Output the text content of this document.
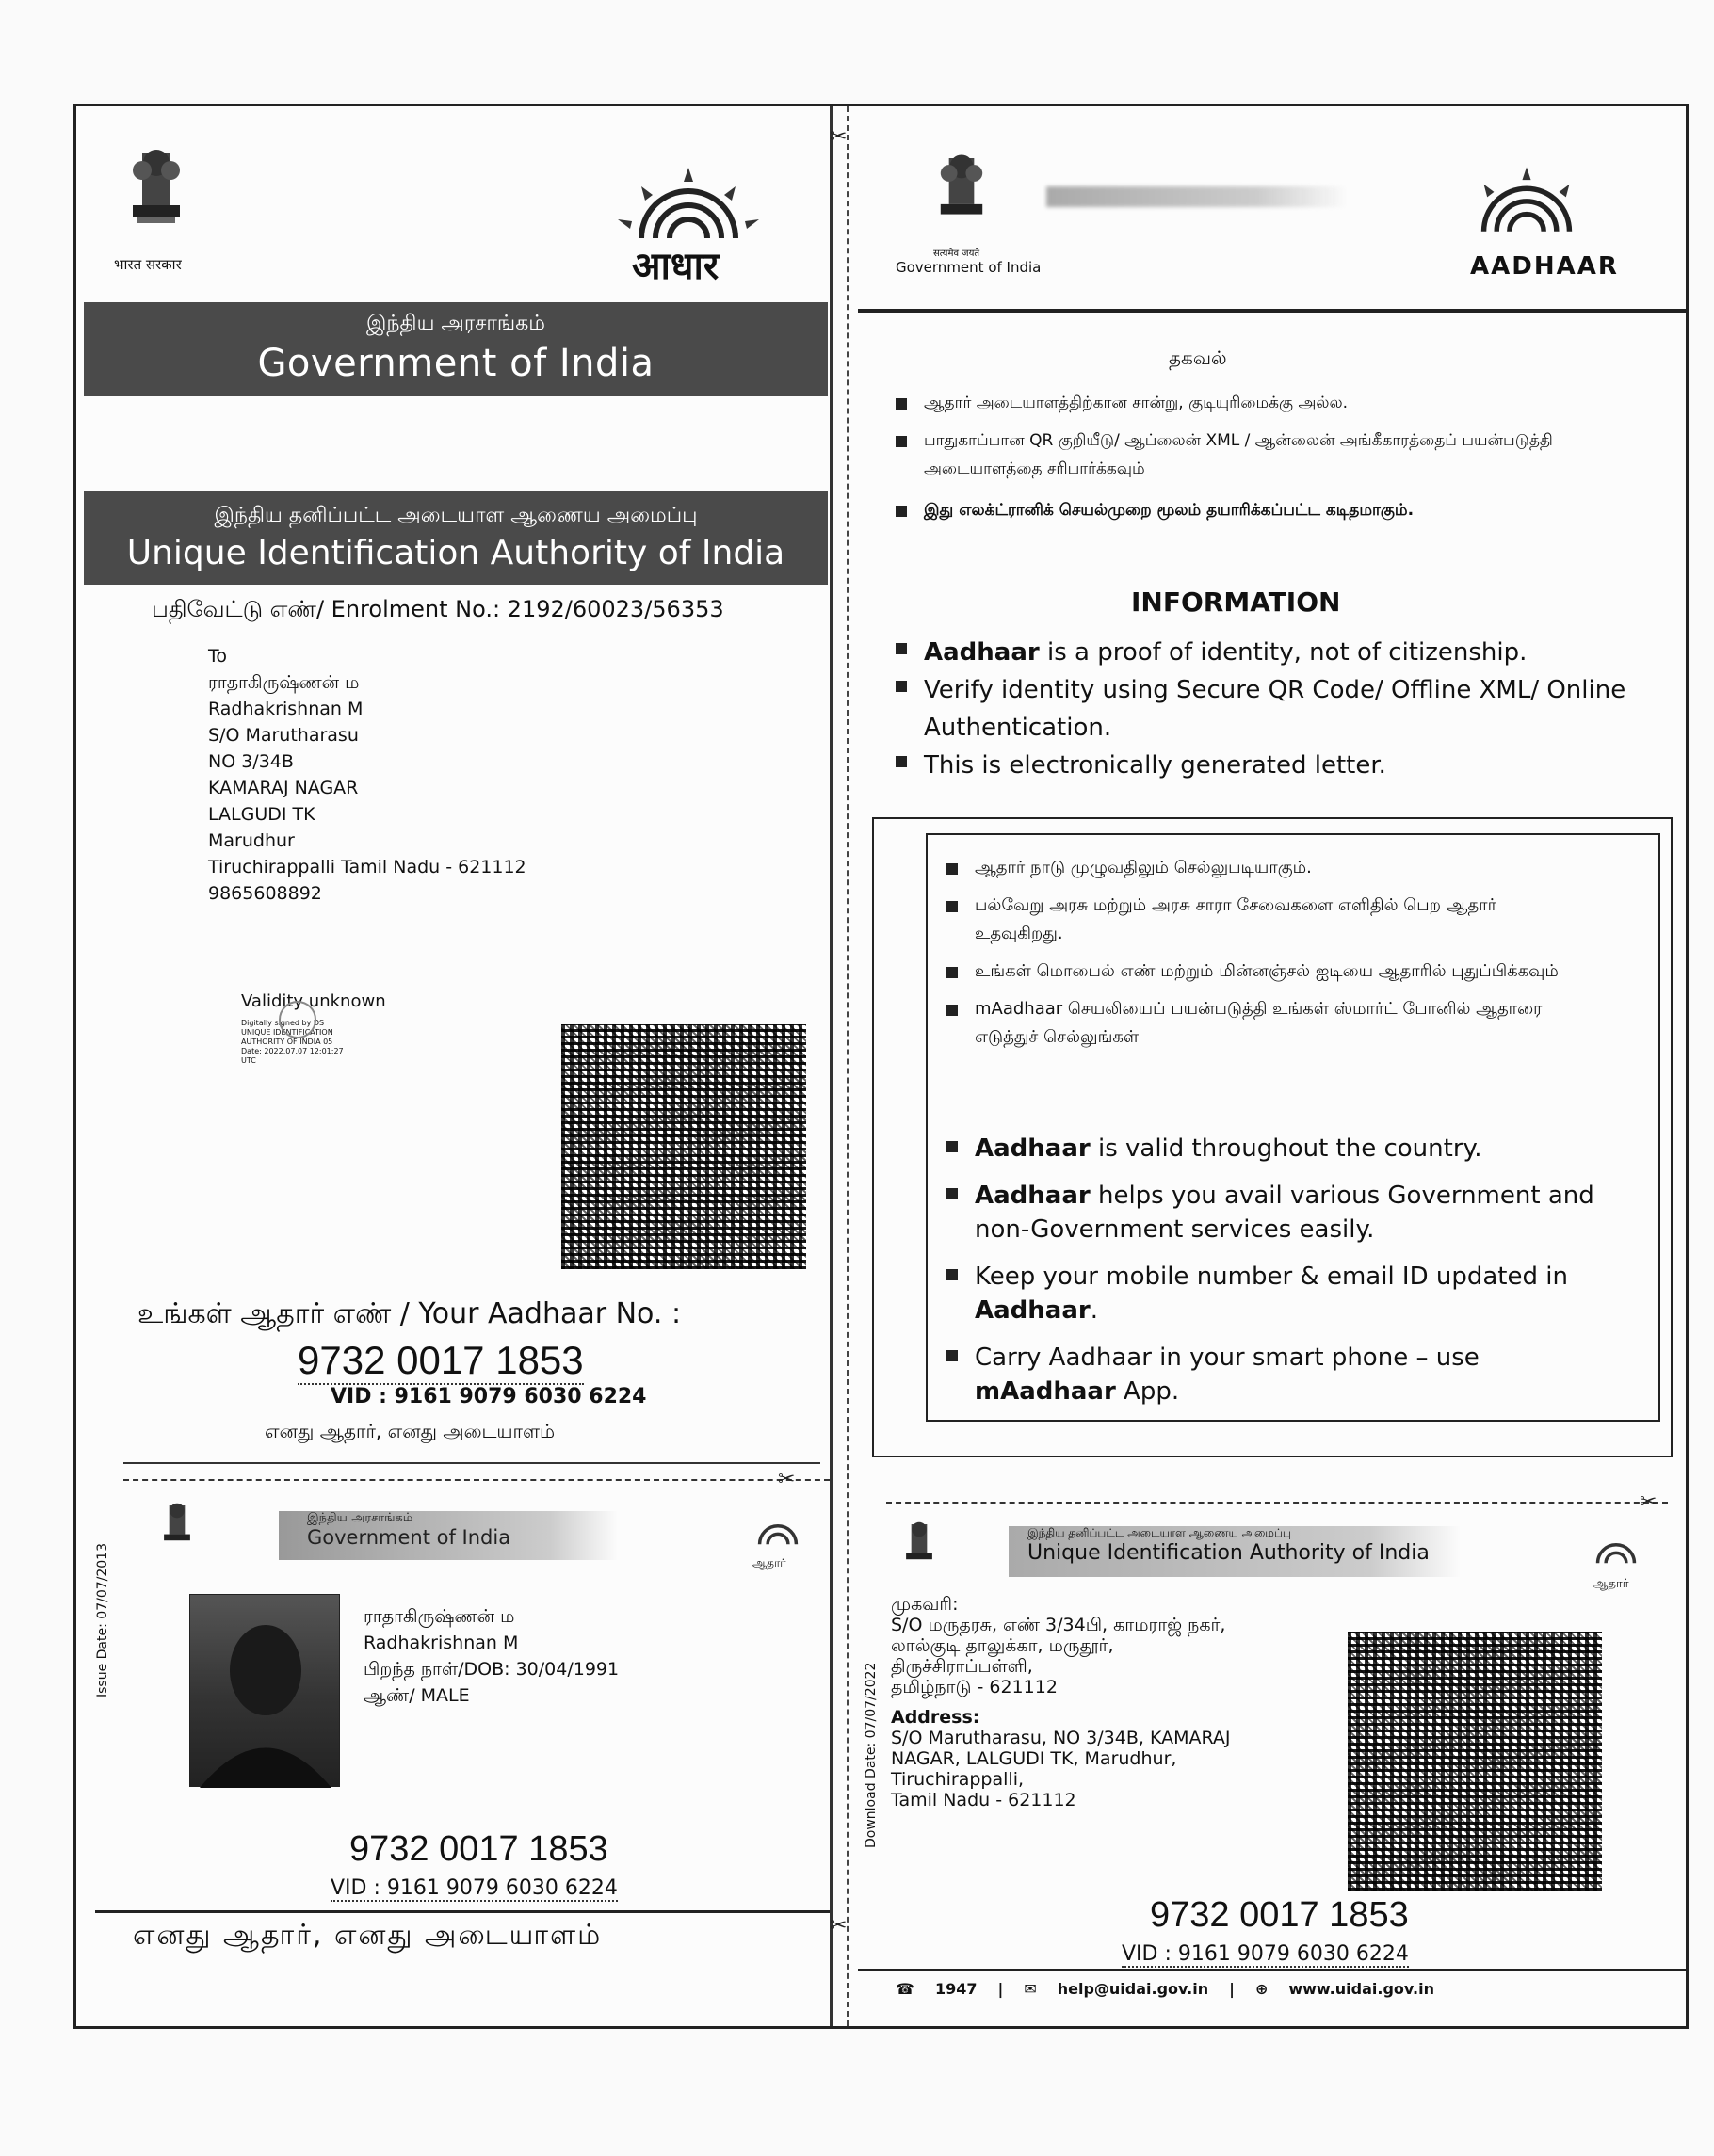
✂
✂
भारत सरकार	आधार
இந்திய அரசாங்கம்
Government of India
இந்திய தனிப்பட்ட அடையாள ஆணைய அமைப்பு
Unique Identification Authority of India
பதிவேட்டு எண்/ Enrolment No.: 2192/60023/56353
To
ராதாகிருஷ்ணன் ம
Radhakrishnan M
S/O Marutharasu
NO 3/34B
KAMARAJ NAGAR
LALGUDI TK
Marudhur
Tiruchirappalli Tamil Nadu - 621112
9865608892
Validity unknown
Digitally signed by DS
UNIQUE IDENTIFICATION
AUTHORITY OF INDIA 05
Date: 2022.07.07 12:01:27
UTC
உங்கள் ஆதார் எண் / Your Aadhaar No. :
9732 0017 1853
VID : 9161 9079 6030 6224
எனது ஆதார், எனது அடையாளம்
✂
இந்திய அரசாங்கம்
Government of India
ஆதார்
Issue Date: 07/07/2013	ராதாகிருஷ்ணன் ம
Radhakrishnan M
பிறந்த நாள்/DOB: 30/04/1991
ஆண்/ MALE
9732 0017 1853
VID : 9161 9079 6030 6224
எனது ஆதார், எனது அடையாளம்
सत्यमेव जयते
Government of India	AADHAAR
தகவல்
ஆதார் அடையாளத்திற்கான சான்று, குடியுரிமைக்கு அல்ல.
பாதுகாப்பான QR குறியீடு/ ஆப்லைன் XML / ஆன்லைன் அங்கீகாரத்தைப் பயன்படுத்தி அடையாளத்தை சரிபார்க்கவும்
இது எலக்ட்ரானிக் செயல்முறை மூலம் தயாரிக்கப்பட்ட கடிதமாகும்.
INFORMATION
Aadhaar is a proof of identity, not of citizenship.
Verify identity using Secure QR Code/ Offline XML/ Online Authentication.
This is electronically generated letter.
ஆதார் நாடு முழுவதிலும் செல்லுபடியாகும்.
பல்வேறு அரசு மற்றும் அரசு சாரா சேவைகளை எளிதில் பெற ஆதார் உதவுகிறது.
உங்கள் மொபைல் எண் மற்றும் மின்னஞ்சல் ஐடியை ஆதாரில் புதுப்பிக்கவும்
mAadhaar செயலியைப் பயன்படுத்தி உங்கள் ஸ்மார்ட் போனில் ஆதாரை எடுத்துச் செல்லுங்கள்
Aadhaar is valid throughout the country.
Aadhaar helps you avail various Government and non-Government services easily.
Keep your mobile number & email ID updated in Aadhaar.
Carry Aadhaar in your smart phone – use mAadhaar App.
✂
இந்திய தனிப்பட்ட அடையாள ஆணைய அமைப்பு
Unique Identification Authority of India
ஆதார்
Download Date: 07/07/2022
முகவரி:
S/O மருதரசு, எண் 3/34பி, காமராஜ் நகர்,
லால்குடி தாலுக்கா, மருதூர்,
திருச்சிராப்பள்ளி,
தமிழ்நாடு - 621112
Address:
S/O Marutharasu, NO 3/34B, KAMARAJ
NAGAR, LALGUDI TK, Marudhur,
Tiruchirappalli,
Tamil Nadu - 621112
9732 0017 1853
VID : 9161 9079 6030 6224
☎ 1947 | ✉ help@uidai.gov.in | ⊕ www.uidai.gov.in
